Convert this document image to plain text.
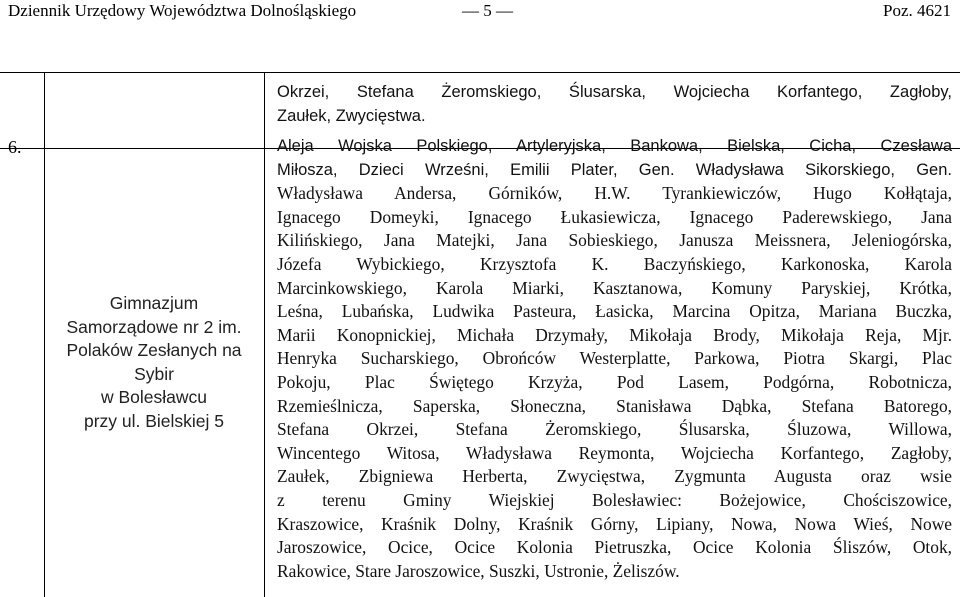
Dziennik Urzędowy Województwa Dolnośląskiego	— 5 —	Poz. 4621
Okrzei, Stefana Żeromskiego, Ślusarska, Wojciecha Korfantego, Zagłoby,
Zaułek, Zwycięstwa.
6.
Gimnazjum
Samorządowe nr 2 im.
Polaków Zesłanych na
Sybir
w Bolesławcu
przy ul. Bielskiej 5
Aleja Wojska Polskiego, Artyleryjska, Bankowa, Bielska, Cicha, Czesława
Miłosza, Dzieci Wrześni, Emilii Plater, Gen. Władysława Sikorskiego, Gen.
Władysława Andersa, Górników, H.W. Tyrankiewiczów, Hugo Kołłątaja,
Ignacego Domeyki, Ignacego Łukasiewicza, Ignacego Paderewskiego, Jana
Kilińskiego, Jana Matejki, Jana Sobieskiego, Janusza Meissnera, Jeleniogórska,
Józefa Wybickiego, Krzysztofa K. Baczyńskiego, Karkonoska, Karola
Marcinkowskiego, Karola Miarki, Kasztanowa, Komuny Paryskiej, Krótka,
Leśna, Lubańska, Ludwika Pasteura, Łasicka, Marcina Opitza, Mariana Buczka,
Marii Konopnickiej, Michała Drzymały, Mikołaja Brody, Mikołaja Reja, Mjr.
Henryka Sucharskiego, Obrońców Westerplatte, Parkowa, Piotra Skargi, Plac
Pokoju, Plac Świętego Krzyża, Pod Lasem, Podgórna, Robotnicza,
Rzemieślnicza, Saperska, Słoneczna, Stanisława Dąbka, Stefana Batorego,
Stefana Okrzei, Stefana Żeromskiego, Ślusarska, Śluzowa, Willowa,
Wincentego Witosa, Władysława Reymonta, Wojciecha Korfantego, Zagłoby,
Zaułek, Zbigniewa Herberta, Zwycięstwa, Zygmunta Augusta oraz wsie
z terenu Gminy Wiejskiej Bolesławiec: Bożejowice, Chościszowice,
Kraszowice, Kraśnik Dolny, Kraśnik Górny, Lipiany, Nowa, Nowa Wieś, Nowe
Jaroszowice, Ocice, Ocice Kolonia Pietruszka, Ocice Kolonia Śliszów, Otok,
Rakowice, Stare Jaroszowice, Suszki, Ustronie, Żeliszów.
